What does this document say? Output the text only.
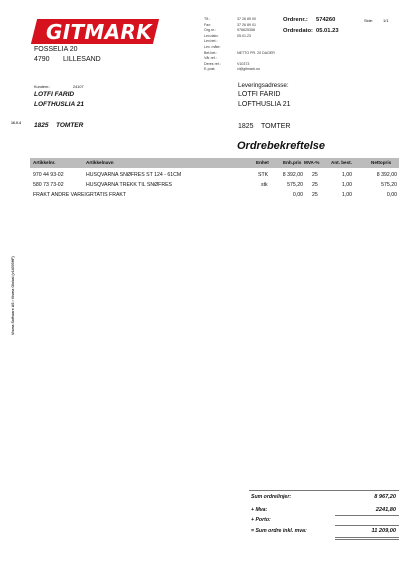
GITMARK
FOSSELIA 20
4790 LILLESAND
Tlf.:	37 26 89 00
Fax:	37 26 89 01
Org.nr.:	976625358
Lev.dato:	05.01.23
Lev.bet.:
Lev. måte:
Bet.bet.:	NETTO PR. 20 DAGER
Vår ref.:
Deres ref.:	V10373
E-post:	vi@gitmark.no
Ordrenr.: 574260
Ordredato: 05.01.23
Side: 1/1
Kundenr.:	24107
LOTFI FARID
LOFTHUSLIA 21
1825 TOMTER
Leveringsadresse:
LOTFI FARID
LOFTHUSLIA 21
1825 TOMTER
16.0.4
Visma Software AS • Visma Global (v14000HF)
Ordrebekreftelse
Artikkelnr.	Artikkelnavn	Enhet	Enh.pris MVA-%	Ant. best.	Nettopris
970 44 93-02	HUSQVARNA SNØFRES ST 124 - 61CM	STK	8 392,00 25	1,00	8 392,00
580 73 73-02	HUSQVARNA TREKK TIL SNØFRES	stk	575,20 25	1,00	575,20
FRAKT ANDRE VAREI GRTATIS FRAKT	0,00 25	1,00	0,00
Sum ordrelinjer:	8 967,20
+ Mva:	2241,80
+ Porto:
= Sum ordre inkl. mva:	11 209,00
